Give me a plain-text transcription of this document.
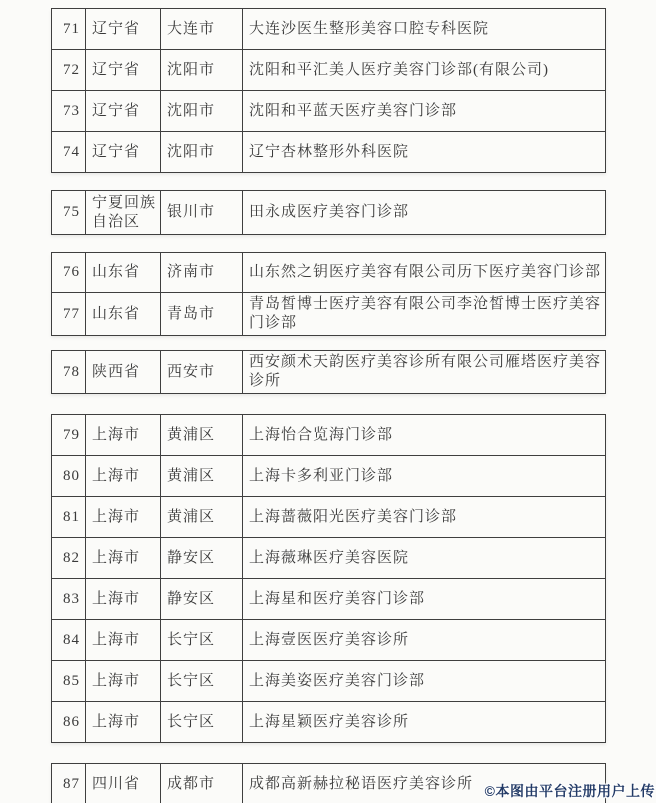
71	辽宁省	大连市	大连沙医生整形美容口腔专科医院
72	辽宁省	沈阳市	沈阳和平汇美人医疗美容门诊部(有限公司)
73	辽宁省	沈阳市	沈阳和平蓝天医疗美容门诊部
74	辽宁省	沈阳市	辽宁杏林整形外科医院
75	宁夏回族自治区	银川市	田永成医疗美容门诊部
76	山东省	济南市	山东然之钥医疗美容有限公司历下医疗美容门诊部
77	山东省	青岛市	青岛皙博士医疗美容有限公司李沧皙博士医疗美容门诊部
78	陕西省	西安市	西安颜术天韵医疗美容诊所有限公司雁塔医疗美容诊所
79	上海市	黄浦区	上海怡合览海门诊部
80	上海市	黄浦区	上海卡多利亚门诊部
81	上海市	黄浦区	上海蔷薇阳光医疗美容门诊部
82	上海市	静安区	上海薇琳医疗美容医院
83	上海市	静安区	上海星和医疗美容门诊部
84	上海市	长宁区	上海壹医医疗美容诊所
85	上海市	长宁区	上海美姿医疗美容门诊部
86	上海市	长宁区	上海星颖医疗美容诊所
87	四川省	成都市	成都高新赫拉秘语医疗美容诊所 ©本图由平台注册用户上传
